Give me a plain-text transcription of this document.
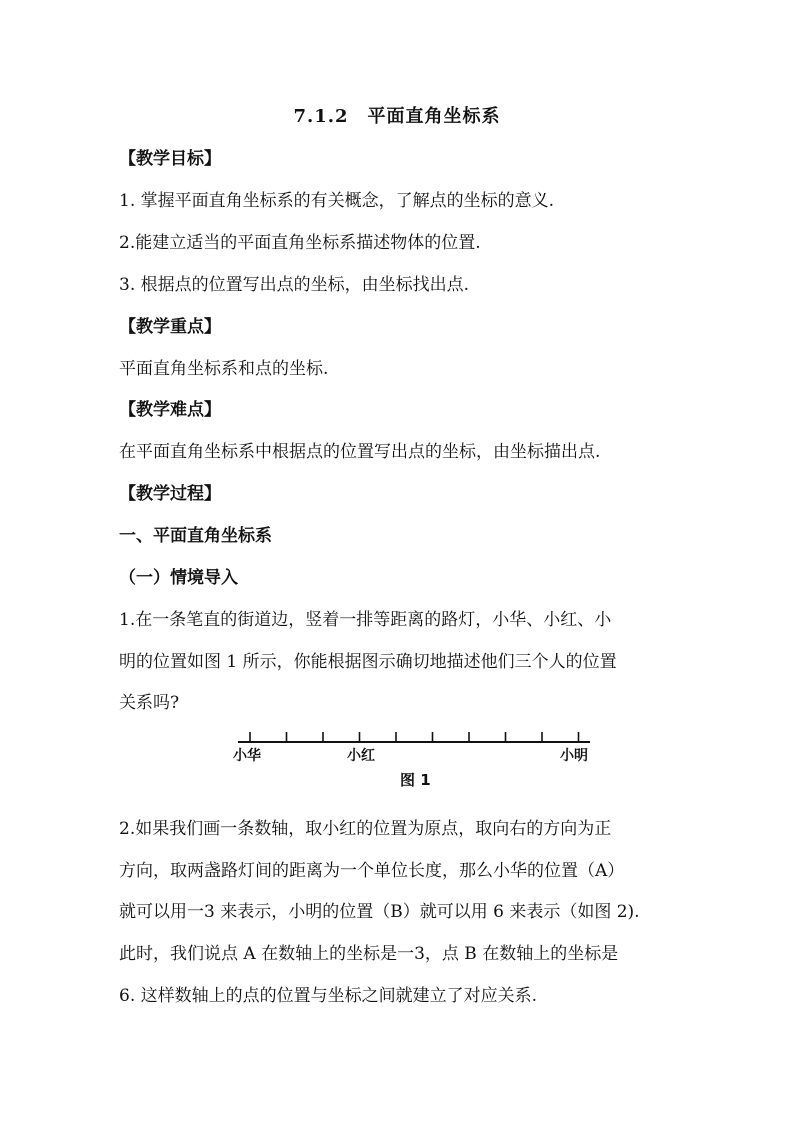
7.1.2　平面直角坐标系
【教学目标】
1. 掌握平面直角坐标系的有关概念，了解点的坐标的意义.
2.能建立适当的平面直角坐标系描述物体的位置.
3. 根据点的位置写出点的坐标，由坐标找出点.
【教学重点】
平面直角坐标系和点的坐标.
【教学难点】
在平面直角坐标系中根据点的位置写出点的坐标，由坐标描出点.
【教学过程】
一、平面直角坐标系
（一）情境导入
1.在一条笔直的街道边，竖着一排等距离的路灯，小华、小红、小
明的位置如图 1 所示，你能根据图示确切地描述他们三个人的位置
关系吗?
小华	小红	小明
图 1
2.如果我们画一条数轴，取小红的位置为原点，取向右的方向为正
方向，取两盏路灯间的距离为一个单位长度，那么小华的位置（A）
就可以用一3 来表示，小明的位置（B）就可以用 6 来表示（如图 2).
此时，我们说点 A 在数轴上的坐标是一3，点 B 在数轴上的坐标是
6. 这样数轴上的点的位置与坐标之间就建立了对应关系.
